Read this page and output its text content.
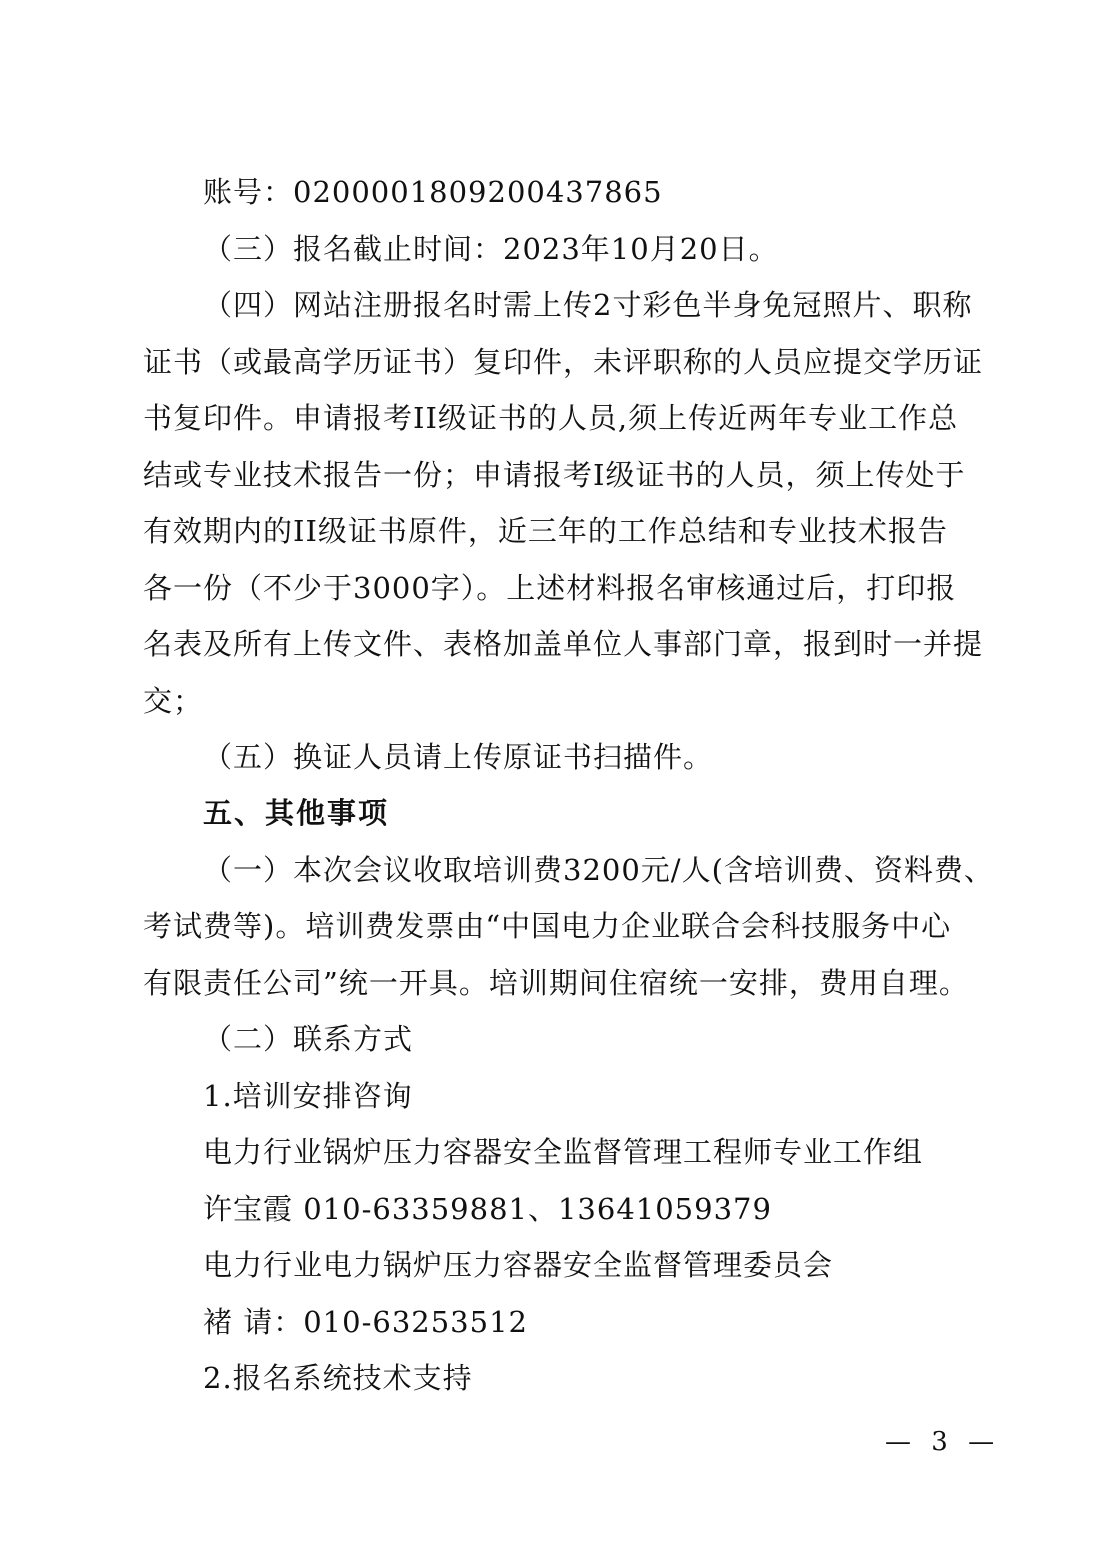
账号：0200001809200437865
（三）报名截止时间：2023年10月20日。
（四）网站注册报名时需上传2寸彩色半身免冠照片、职称
证书（或最高学历证书）复印件，未评职称的人员应提交学历证
书复印件。申请报考II级证书的人员,须上传近两年专业工作总
结或专业技术报告一份；申请报考I级证书的人员，须上传处于
有效期内的II级证书原件，近三年的工作总结和专业技术报告
各一份（不少于3000字）。上述材料报名审核通过后，打印报
名表及所有上传文件、表格加盖单位人事部门章，报到时一并提
交；
（五）换证人员请上传原证书扫描件。
五、其他事项
（一）本次会议收取培训费3200元/人(含培训费、资料费、
考试费等)。培训费发票由“中国电力企业联合会科技服务中心
有限责任公司”统一开具。培训期间住宿统一安排，费用自理。
（二）联系方式
1.培训安排咨询
电力行业锅炉压力容器安全监督管理工程师专业工作组
许宝霞 010-63359881、13641059379
电力行业电力锅炉压力容器安全监督管理委员会
褚 请：010-63253512
2.报名系统技术支持
— 3 —
